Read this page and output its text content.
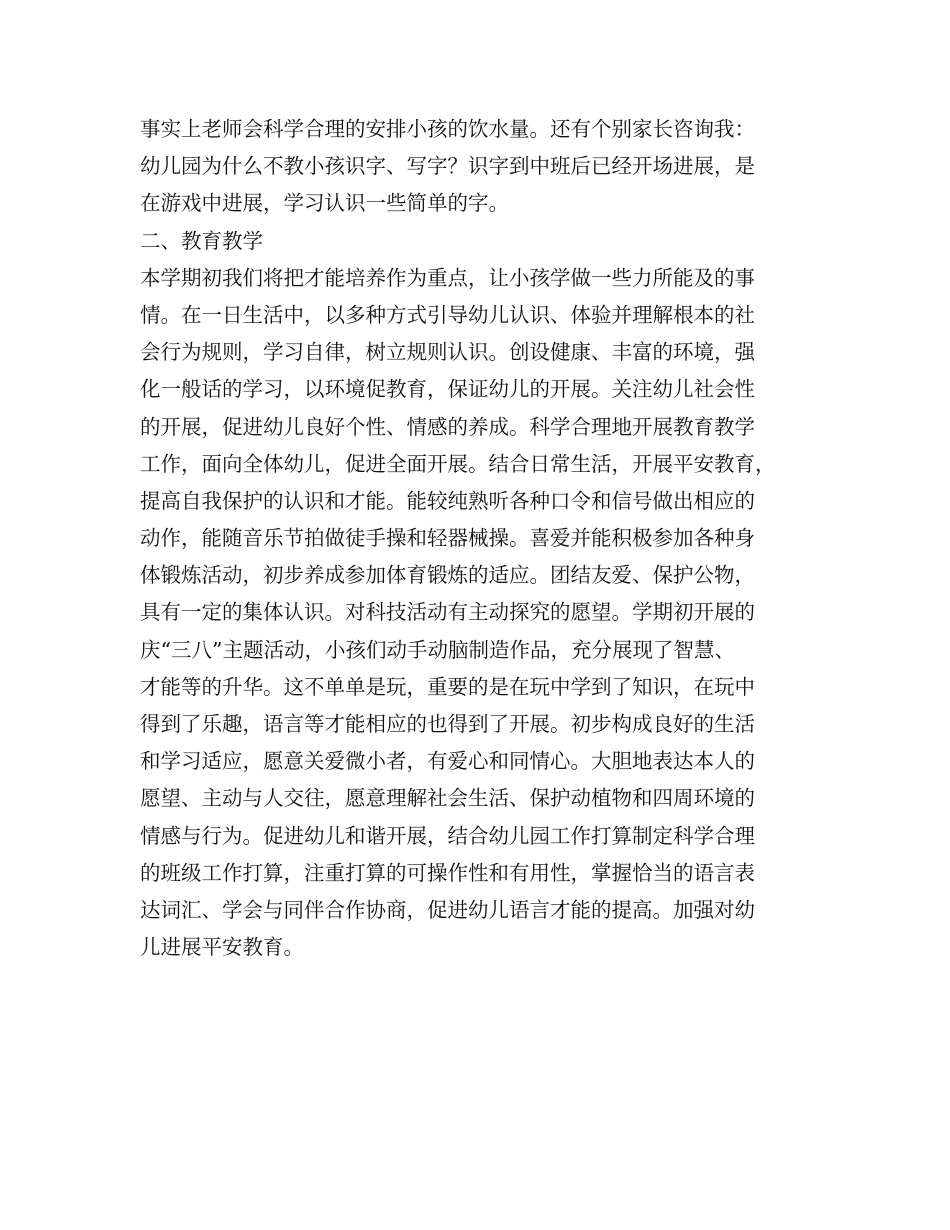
事实上老师会科学合理的安排小孩的饮水量。还有个别家长咨询我：
幼儿园为什么不教小孩识字、写字？识字到中班后已经开场进展，是
在游戏中进展，学习认识一些简单的字。
二、教育教学
本学期初我们将把才能培养作为重点，让小孩学做一些力所能及的事
情。在一日生活中，以多种方式引导幼儿认识、体验并理解根本的社
会行为规则，学习自律，树立规则认识。创设健康、丰富的环境，强
化一般话的学习，以环境促教育，保证幼儿的开展。关注幼儿社会性
的开展，促进幼儿良好个性、情感的养成。科学合理地开展教育教学
工作，面向全体幼儿，促进全面开展。结合日常生活，开展平安教育，
提高自我保护的认识和才能。能较纯熟听各种口令和信号做出相应的
动作，能随音乐节拍做徒手操和轻器械操。喜爱并能积极参加各种身
体锻炼活动，初步养成参加体育锻炼的适应。团结友爱、保护公物，
具有一定的集体认识。对科技活动有主动探究的愿望。学期初开展的
庆“三八”主题活动，小孩们动手动脑制造作品，充分展现了智慧、
才能等的升华。这不单单是玩，重要的是在玩中学到了知识，在玩中
得到了乐趣，语言等才能相应的也得到了开展。初步构成良好的生活
和学习适应，愿意关爱微小者，有爱心和同情心。大胆地表达本人的
愿望、主动与人交往，愿意理解社会生活、保护动植物和四周环境的
情感与行为。促进幼儿和谐开展，结合幼儿园工作打算制定科学合理
的班级工作打算，注重打算的可操作性和有用性，掌握恰当的语言表
达词汇、学会与同伴合作协商，促进幼儿语言才能的提高。加强对幼
儿进展平安教育。
